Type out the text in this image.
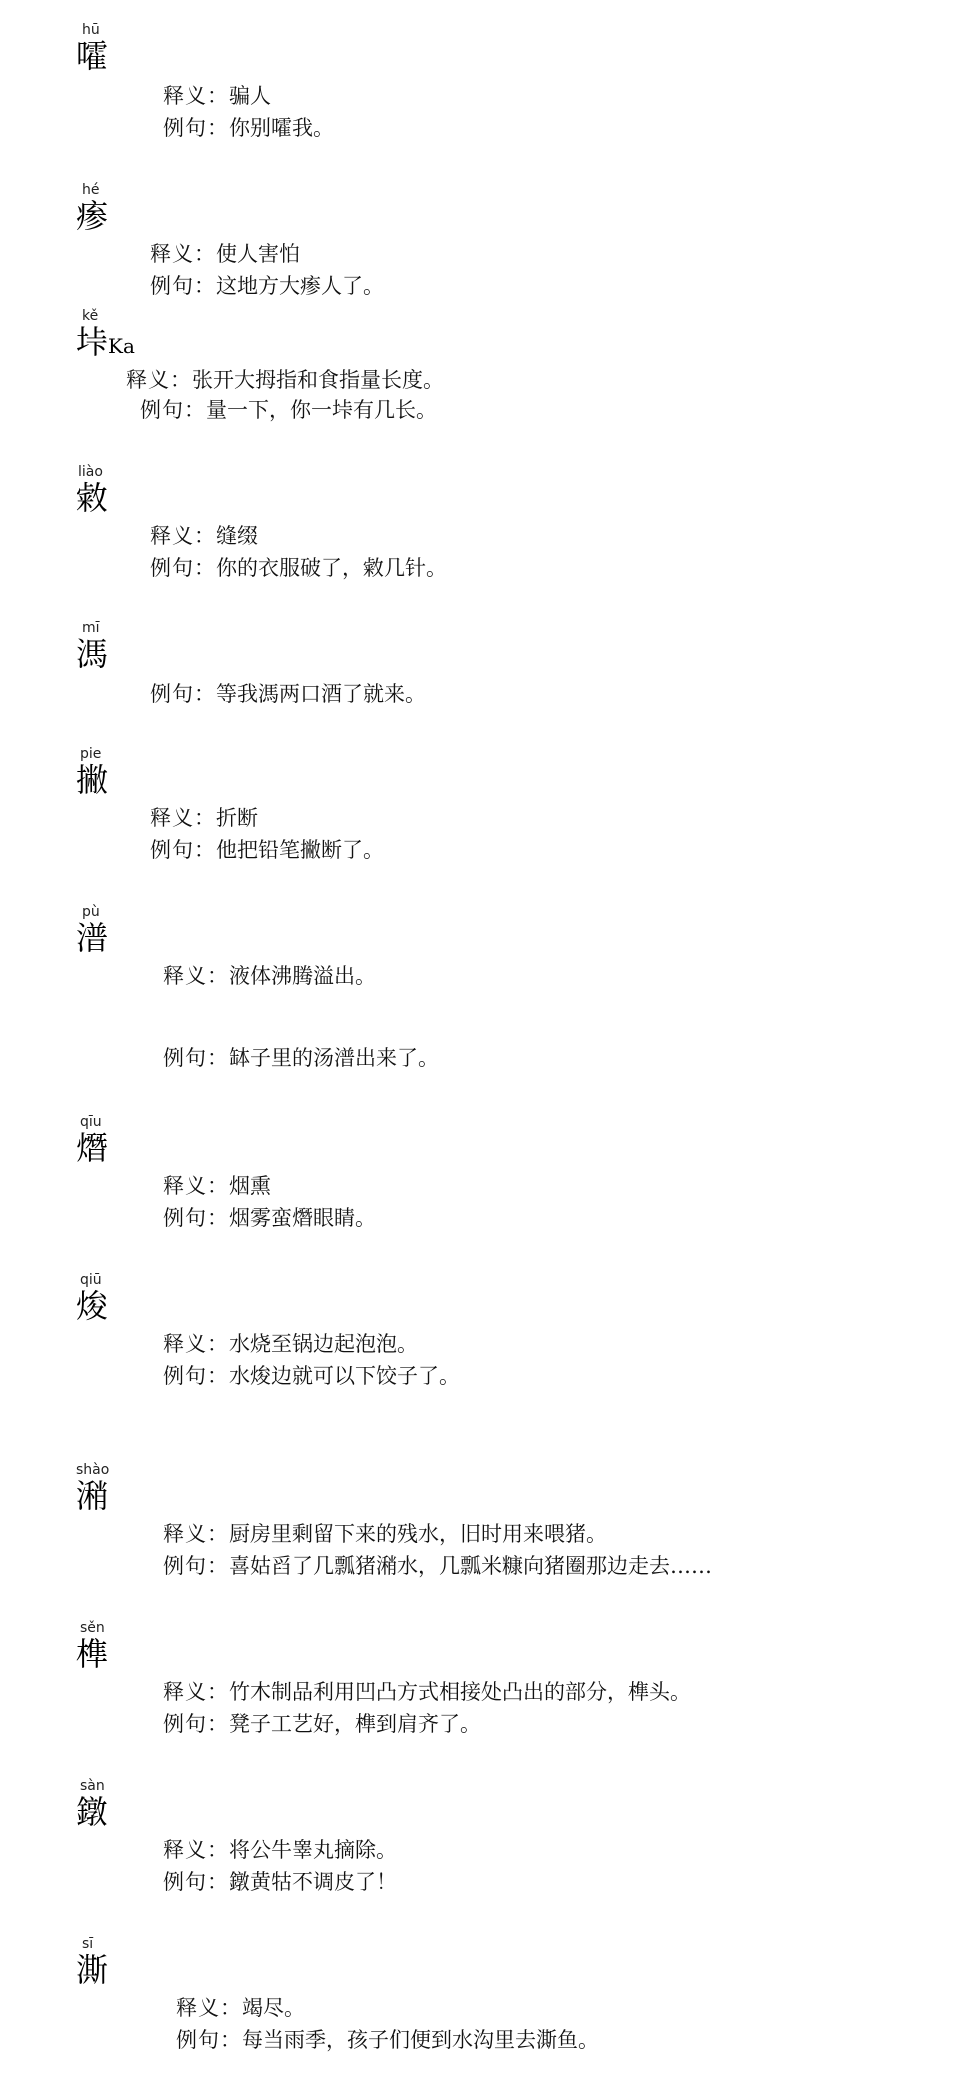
hū
嚯
释义：骗人
例句：你别嚯我。
hé
瘆
释义：使人害怕
例句：这地方大瘆人了。
kě
垰Ka
释义：张开大拇指和食指量长度。
例句：量一下，你一垰有几长。
liào
敹
释义：缝缀
例句：你的衣服破了，敹几针。
mī
溤
例句：等我溤两口酒了就来。
pie
撇
释义：折断
例句：他把铅笔撇断了。
pù
潽
释义：液体沸腾溢出。
例句：缽子里的汤潽出来了。
qīu
熸
释义：烟熏
例句：烟雾蛮熸眼睛。
qiū
焌
释义：水烧至锅边起泡泡。
例句：水焌边就可以下饺子了。
shào
潲
释义：厨房里剩留下来的残水，旧时用来喂猪。
例句：喜姑舀了几瓢猪潲水，几瓢米糠向猪圈那边走去……
sěn
榫
释义：竹木制品利用凹凸方式相接处凸出的部分，榫头。
例句：凳子工艺好，榫到肩齐了。
sàn
鐓
释义：将公牛睾丸摘除。
例句：鐓黄牯不调皮了！
sī
澌
释义：竭尽。
例句：每当雨季，孩子们便到水沟里去澌鱼。
